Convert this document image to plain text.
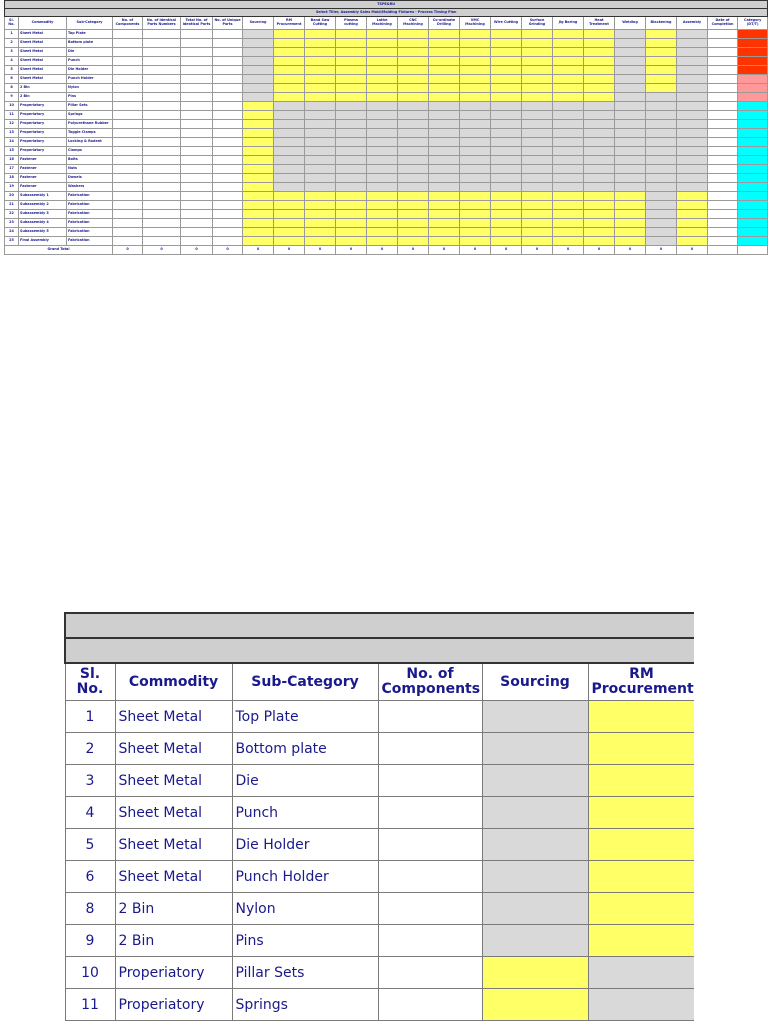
TSPE&RU																							
Select Tiller, Assembly Sales Mold/Molding Fixtures - Process Timing Plan																							
Sl. No.	Commodity	Sub-Category	No. of Components	No. of Identical Parts Numbers	Total No. of Identical Parts	No. of Unique Parts	Sourcing	RM Procurement	Band Saw Cutting	Plasma cutting	Lathe Machining	CNC Machining	Co-ordinate Drilling	VMC Machining	Wire Cutting	Surface Grinding	Jig Boring	Heat Treatment	Welding	Blackening	Assembly	Date of Completion	Category (DT/T)
1	Sheet Metal	Top Plate																					
2	Sheet Metal	Bottom plate																					
3	Sheet Metal	Die																					
4	Sheet Metal	Punch																					
5	Sheet Metal	Die Holder																					
6	Sheet Metal	Punch Holder																					
8	2 Bin	Nylon																					
9	2 Bin	Pins																					
10	Properiatory	Pillar Sets																					
11	Properiatory	Springs																					
12	Properiatory	Polyurethane Rubber																					
13	Properiatory	Toggle Clamps																					
14	Properiatory	Locking & Rodent																					
15	Properiatory	Clamps																					
16	Fastener	Bolts																					
17	Fastener	Nuts																					
18	Fastener	Dowels																					
19	Fastener	Washers																					
20	Subassembly 1	Fabrication																					
21	Subassembly 2	Fabrication																					
22	Subassembly 3	Fabrication																					
23	Subassembly 4	Fabrication																					
24	Subassembly 5	Fabrication																					
25	Final Assembly	Fabrication																					
Grand Total			0	0	0	0	0	0	0	0	0	0	0	0	0	0	0	0	0	0	0		

Sl. No.	Commodity	Sub-Category	No. of Components	Sourcing	RM Procurement
1	Sheet Metal	Top Plate			
2	Sheet Metal	Bottom plate			
3	Sheet Metal	Die			
4	Sheet Metal	Punch			
5	Sheet Metal	Die Holder			
6	Sheet Metal	Punch Holder			
8	2 Bin	Nylon			
9	2 Bin	Pins			
10	Properiatory	Pillar Sets			
11	Properiatory	Springs			
